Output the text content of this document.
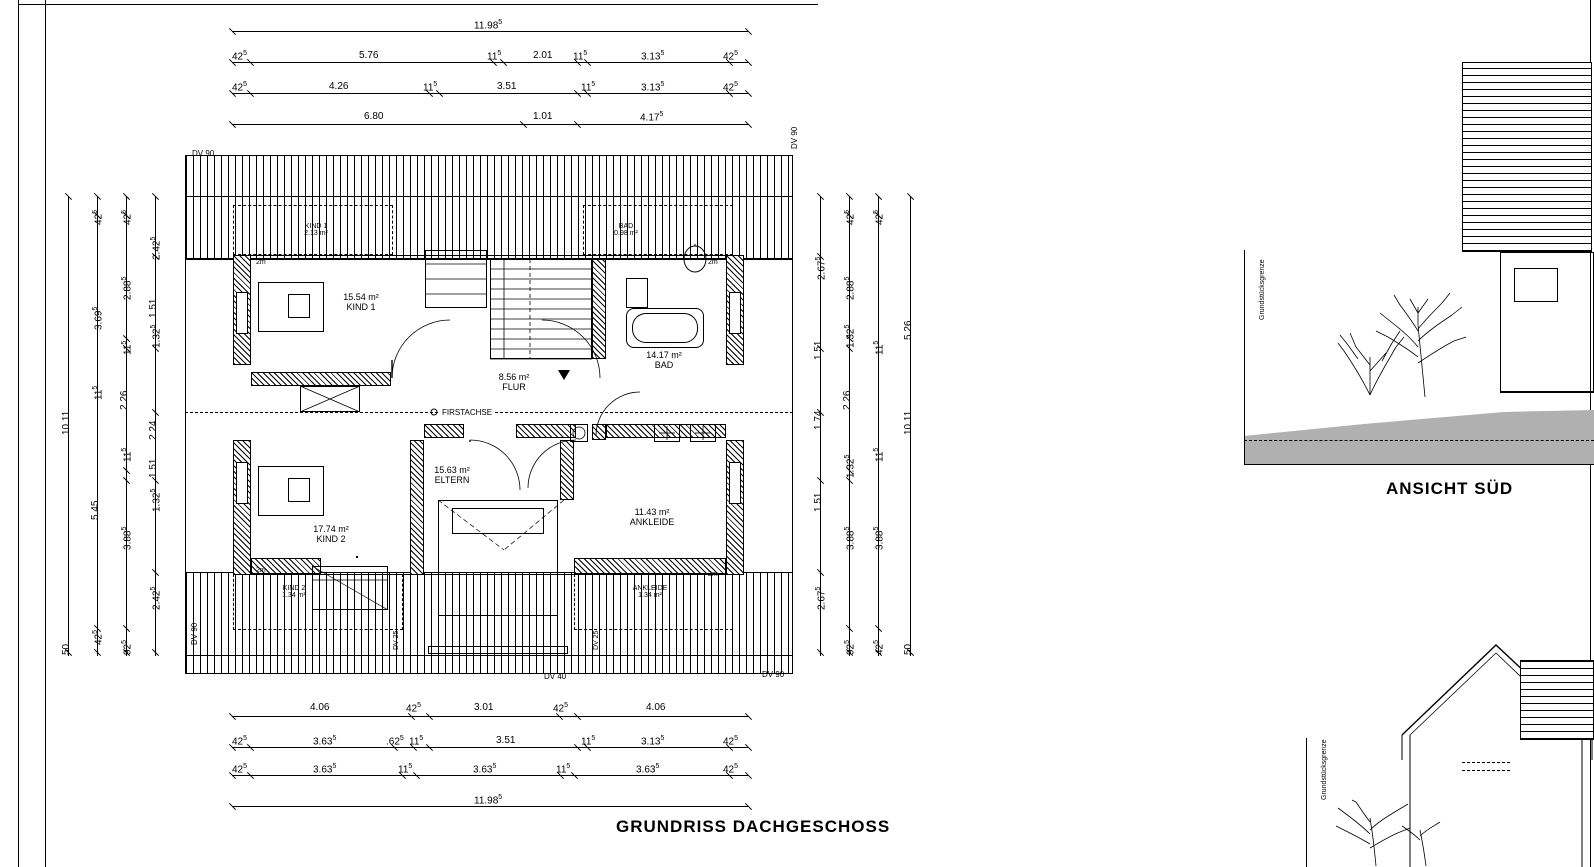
11.98$^5$
$42^5$	5.76	$11^5$	2.01 $11^5$	3.13$^5$	$42^5$
$42^5$	4.26	$11^5$	3.51	$11^5$	3.13$^5$	$42^5$
6.80	1.01	4.17$^5$
50
10.11
$42^5$
5.45
$11^5$
3.69$^5$
$42^5$
$92^5$
3.88$^5$
$11^5$
2.26
$11^5$
2.88$^5$
$42^5$
2.42$^5$
1.32$^5$
1.51
2.24
1.32$^5$
1.51
2.42$^5$
2.67$^5$
1.51
1.74
1.51
2.67$^5$
$92^5$
3.88$^5$
1.32$^5$
2.26
1.32$^5$
2.88$^5$
$42^5$
$42^5$
3.88$^5$
$11^5$
$11^5$
$42^5$
50
10.11
5.26
2m	2m
2m
2m
FIRSTACHSE
15.54 m²
KIND 1
8.56 m²
FLUR
14.17 m²
BAD
15.63 m²
ELTERN
11.43 m²
ANKLEIDE
17.74 m²
KIND 2
KIND 1
2.13 m²
BAD
0.98 m²
KIND 2
1.34 m²
ANKLEIDE
1.34 m²
DV 90
DV 90
DV 90
DV 90
DV 40
DV 25	DV 25
4.06	$42^5$	3.01	$42^5$	4.06
$42^5$	3.63$^5$	$.62^5$ $11^5$	3.51	$11^5$	3.13$^5$	$42^5$
$42^5$	3.63$^5$	$11^5$	3.63$^5$	$11^5$	3.63$^5$	$42^5$
11.98$^5$
GRUNDRISS DACHGESCHOSS
Grundstücksgrenze
ANSICHT SÜD
Grundstücksgrenze
